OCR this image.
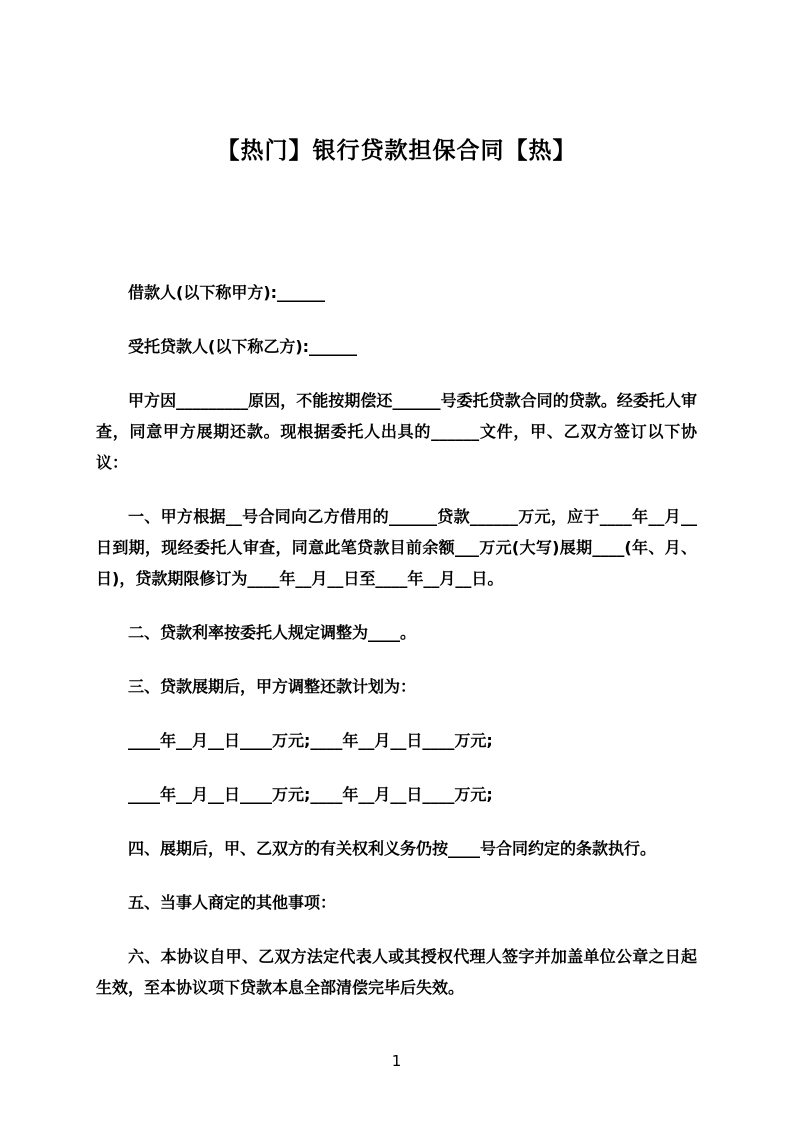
【热门】银行贷款担保合同【热】

借款人(以下称甲方):______

受托贷款人(以下称乙方):______

甲方因_________原因，不能按期偿还______号委托贷款合同的贷款。经委托人审查，同意甲方展期还款。现根据委托人出具的______文件，甲、乙双方签订以下协议：

一、甲方根据__号合同向乙方借用的______贷款______万元，应于____年__月__日到期，现经委托人审查，同意此笔贷款目前余额___万元(大写)展期____(年、月、日)，贷款期限修订为____年__月__日至____年__月__日。

二、贷款利率按委托人规定调整为____。

三、贷款展期后，甲方调整还款计划为：

____年__月__日____万元;____年__月__日____万元;

____年__月__日____万元;____年__月__日____万元;

四、展期后，甲、乙双方的有关权利义务仍按____号合同约定的条款执行。

五、当事人商定的其他事项：

六、本协议自甲、乙双方法定代表人或其授权代理人签字并加盖单位公章之日起生效，至本协议项下贷款本息全部清偿完毕后失效。

1
